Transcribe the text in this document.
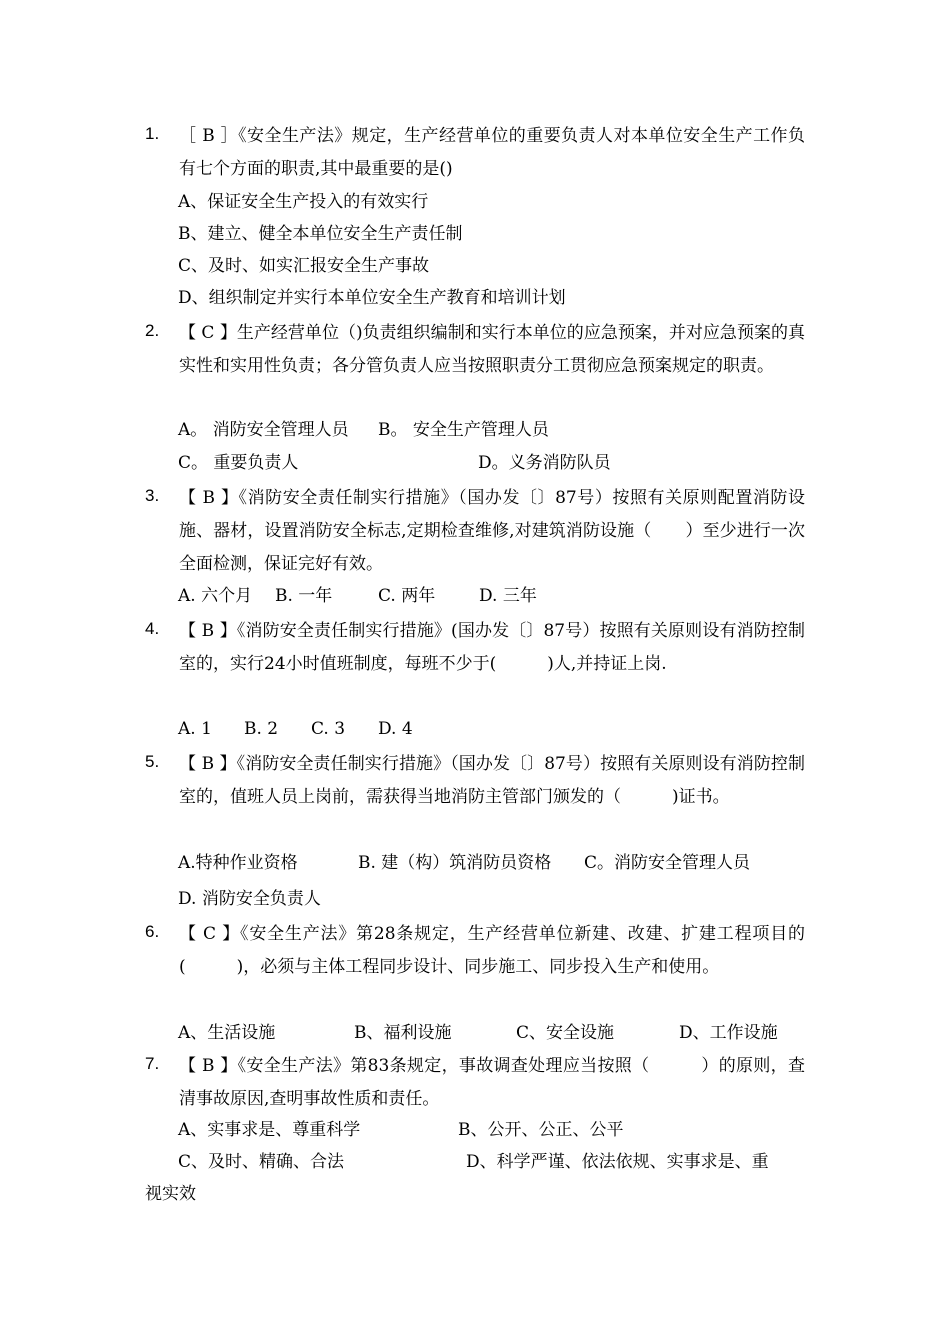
1.	［ B ］《安全生产法》规定，生产经营单位的重要负责人对本单位安全生产工作负有七个方面的职责,其中最重要的是()
A、保证安全生产投入的有效实行
B、建立、健全本单位安全生产责任制
C、及时、如实汇报安全生产事故
D、组织制定并实行本单位安全生产教育和培训计划
2.	【 C 】生产经营单位（)负责组织编制和实行本单位的应急预案，并对应急预案的真实性和实用性负责；各分管负责人应当按照职责分工贯彻应急预案规定的职责。
A。 消防安全管理人员 B。 安全生产管理人员
C。 重要负责人	D。义务消防队员
3.	【 B 】《消防安全责任制实行措施》（国办发〔〕87号）按照有关原则配置消防设施、器材，设置消防安全标志,定期检查维修,对建筑消防设施（　　）至少进行一次全面检测，保证完好有效。
A. 六个月 B. 一年	C. 两年	D. 三年
4.	【 B 】《消防安全责任制实行措施》(国办发〔〕87号）按照有关原则设有消防控制室的，实行24小时值班制度，每班不少于(　　　)人,并持证上岗.
A. 1 B. 2 C. 3 D. 4
5.	【 B 】《消防安全责任制实行措施》（国办发〔〕87号）按照有关原则设有消防控制室的，值班人员上岗前，需获得当地消防主管部门颁发的（　　　)证书。
A.特种作业资格	B. 建（构）筑消防员资格 C。消防安全管理人员
D. 消防安全负责人
6.	【 C 】《安全生产法》第28条规定，生产经营单位新建、改建、扩建工程项目的(　　　)，必须与主体工程同步设计、同步施工、同步投入生产和使用。
A、生活设施	B、福利设施	C、安全设施	D、工作设施
7.	【 B 】《安全生产法》第83条规定，事故调查处理应当按照（　　　）的原则，查清事故原因,查明事故性质和责任。
A、实事求是、尊重科学	B、公开、公正、公平
C、及时、精确、合法	D、科学严谨、依法依规、实事求是、重
视实效
